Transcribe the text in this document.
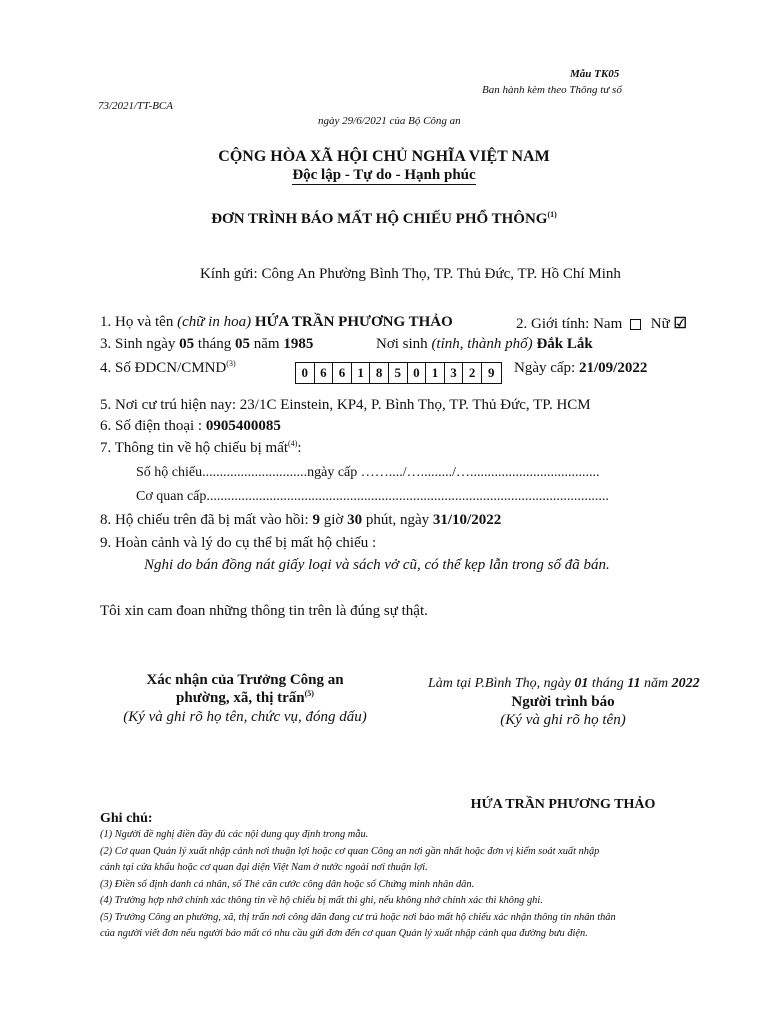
Mẫu TK05
Ban hành kèm theo Thông tư số
73/2021/TT-BCA
ngày 29/6/2021 của Bộ Công an
CỘNG HÒA XÃ HỘI CHỦ NGHĨA VIỆT NAM
Độc lập - Tự do - Hạnh phúc
ĐƠN TRÌNH BÁO MẤT HỘ CHIẾU PHỔ THÔNG$^{(1)}$
Kính gửi: Công An Phường Bình Thọ, TP. Thủ Đức, TP. Hồ Chí Minh
1. Họ và tên (chữ in hoa) HỨA TRẦN PHƯƠNG THẢO	2. Giới tính: Nam Nữ ☑
3. Sinh ngày 05 tháng 05 năm 1985	Nơi sinh (tỉnh, thành phố) Đắk Lắk
4. Số ĐDCN/CMND$^{(3)}$
0 6 6 1 8 5 0 1 3 2 9	Ngày cấp: 21/09/2022
5. Nơi cư trú hiện nay: 23/1C Einstein, KP4, P. Bình Thọ, TP. Thủ Đức, TP. HCM
6. Số điện thoại : 0905400085
7. Thông tin về hộ chiếu bị mất$^{(4)}$:
Số hộ chiếu..............................ngày cấp ……..../…........./….....................................
Cơ quan cấp...................................................................................................................
8. Hộ chiếu trên đã bị mất vào hồi: 9 giờ 30 phút, ngày 31/10/2022
9. Hoàn cảnh và lý do cụ thể bị mất hộ chiếu :
Nghi do bán đồng nát giấy loại và sách vở cũ, có thể kẹp lẫn trong sổ đã bán.
Tôi xin cam đoan những thông tin trên là đúng sự thật.
Xác nhận của Trưởng Công an
phường, xã, thị trấn$^{(5)}$
(Ký và ghi rõ họ tên, chức vụ, đóng dấu)
Làm tại P.Bình Thọ, ngày 01 tháng 11 năm 2022
Người trình báo
(Ký và ghi rõ họ tên)
HỨA TRẦN PHƯƠNG THẢO
Ghi chú:
(1) Người đề nghị điền đầy đủ các nội dung quy định trong mẫu.
(2) Cơ quan Quản lý xuất nhập cảnh nơi thuận lợi hoặc cơ quan Công an nơi gần nhất hoặc đơn vị kiểm soát xuất nhập
cảnh tại cửa khẩu hoặc cơ quan đại diện Việt Nam ở nước ngoài nơi thuận lợi.
(3) Điền số định danh cá nhân, số Thẻ căn cước công dân hoặc số Chứng minh nhân dân.
(4) Trường hợp nhớ chính xác thông tin về hộ chiếu bị mất thì ghi, nếu không nhớ chính xác thì không ghi.
(5) Trưởng Công an phường, xã, thị trấn nơi công dân đang cư trú hoặc nơi báo mất hộ chiếu xác nhận thông tin nhân thân
của người viết đơn nếu người báo mất có nhu cầu gửi đơn đến cơ quan Quản lý xuất nhập cảnh qua đường bưu điện.
